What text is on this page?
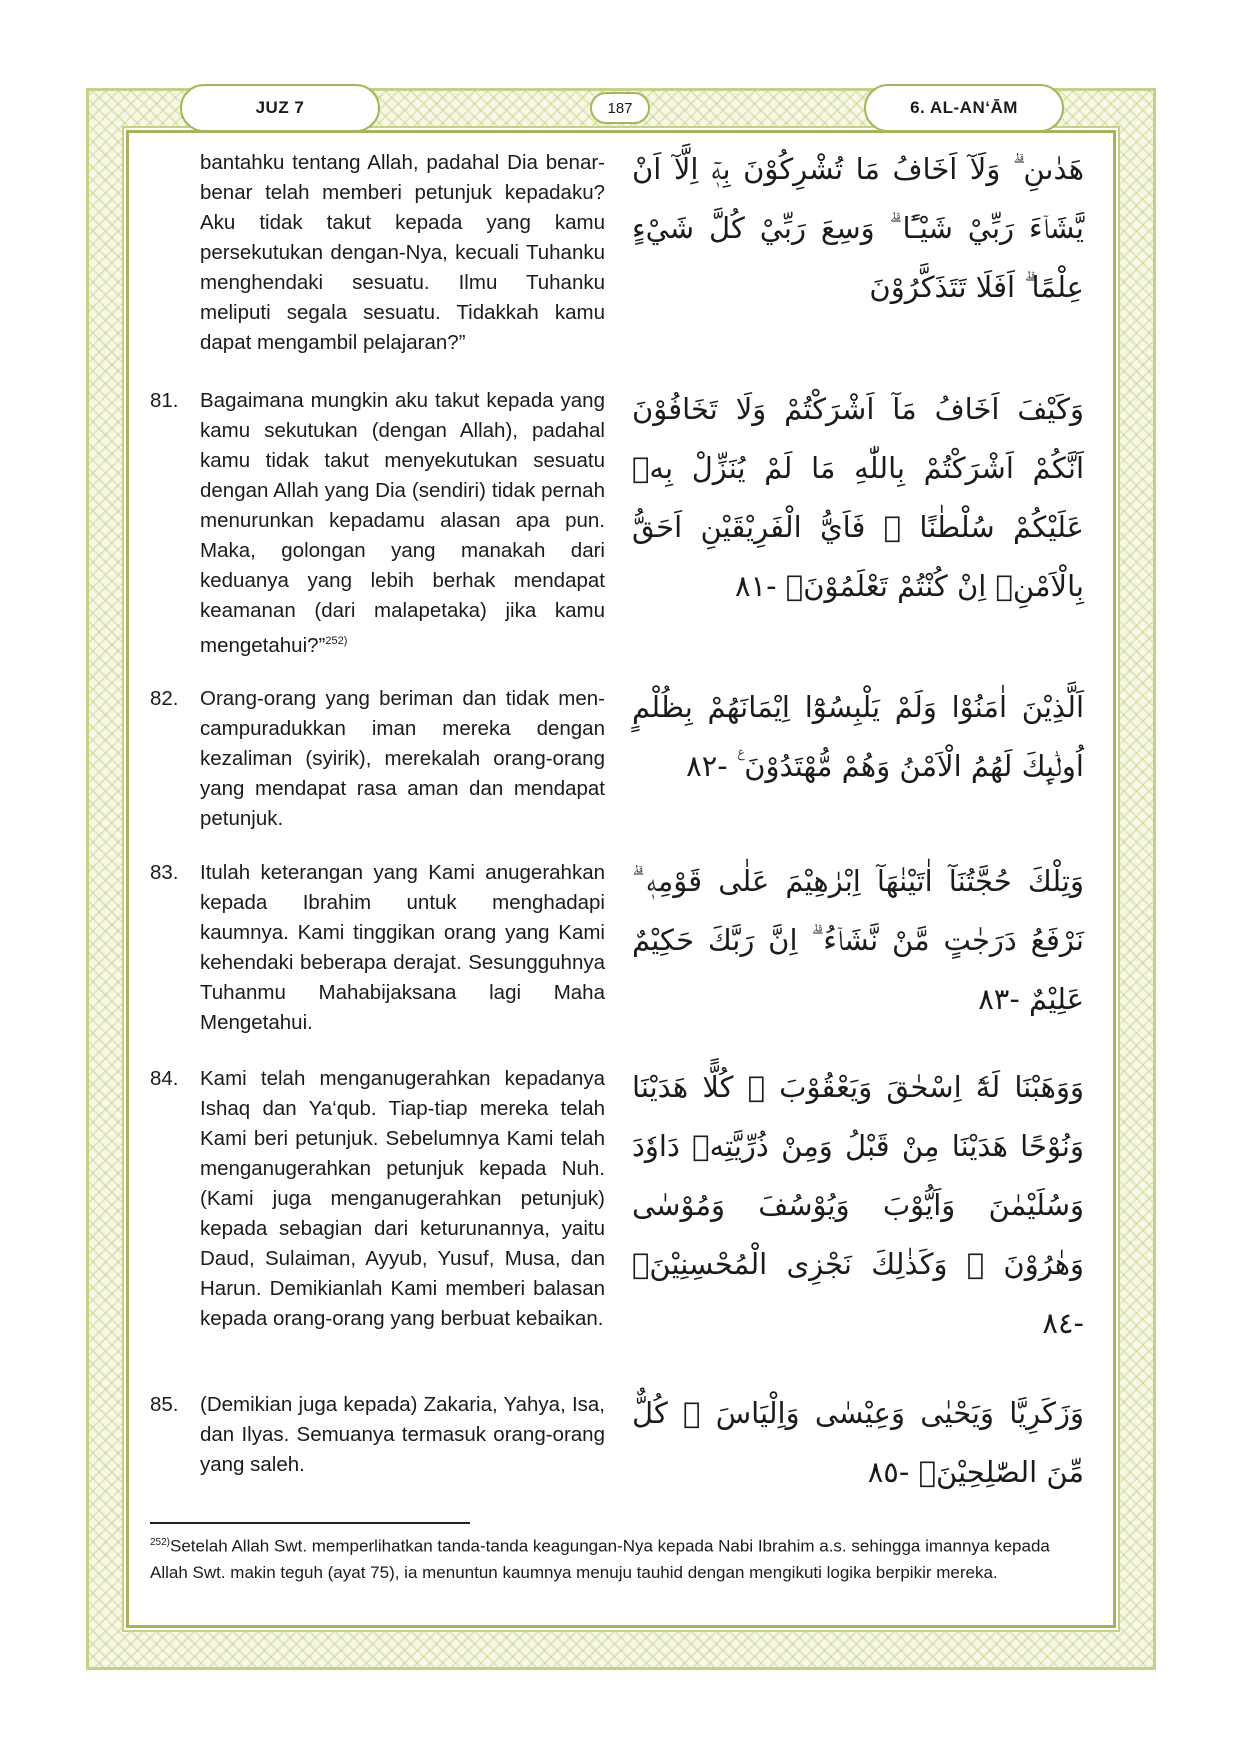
JUZ 7	187	6. AL-AN‘ĀM
bantahku tentang Allah, padahal Dia benar-benar telah memberi petunjuk kepadaku? Aku tidak takut kepada yang kamu persekutukan dengan-Nya, kecuali Tuhanku menghendaki sesuatu. Ilmu Tuhanku meliputi segala sesuatu. Tidakkah kamu dapat mengambil pelajaran?”
هَدٰىنِ ۗ وَلَآ اَخَافُ مَا تُشْرِكُوْنَ بِهٖٓ اِلَّآ اَنْ يَّشَاۤءَ رَبِّيْ شَيْـًٔا ۗ وَسِعَ رَبِّيْ كُلَّ شَيْءٍ عِلْمًا ۗ اَفَلَا تَتَذَكَّرُوْنَ
81.	Bagaimana mungkin aku takut kepada yang kamu sekutukan (dengan Allah), padahal kamu tidak takut menyekutukan sesuatu dengan Allah yang Dia (sendiri) tidak pernah menurunkan kepadamu alasan apa pun. Maka, golongan yang manakah dari keduanya yang lebih berhak mendapat keamanan (dari malapetaka) jika kamu mengetahui?”$^{252)}$
وَكَيْفَ اَخَافُ مَآ اَشْرَكْتُمْ وَلَا تَخَافُوْنَ اَنَّكُمْ اَشْرَكْتُمْ بِاللّٰهِ مَا لَمْ يُنَزِّلْ بِهٖ عَلَيْكُمْ سُلْطٰنًا ۗ فَاَيُّ الْفَرِيْقَيْنِ اَحَقُّ بِالْاَمْنِۚ اِنْ كُنْتُمْ تَعْلَمُوْنَۘ -٨١
82.	Orang-orang yang beriman dan tidak mencampuradukkan iman mereka dengan kezaliman (syirik), merekalah orang-orang yang mendapat rasa aman dan mendapat petunjuk.
اَلَّذِيْنَ اٰمَنُوْا وَلَمْ يَلْبِسُوْٓا اِيْمَانَهُمْ بِظُلْمٍ اُولٰۤىِٕكَ لَهُمُ الْاَمْنُ وَهُمْ مُّهْتَدُوْنَ ࣖ -٨٢
83.	Itulah keterangan yang Kami anugerahkan kepada Ibrahim untuk menghadapi kaumnya. Kami tinggikan orang yang Kami kehendaki beberapa derajat. Sesungguhnya Tuhanmu Mahabijaksana lagi Maha Mengetahui.
وَتِلْكَ حُجَّتُنَآ اٰتَيْنٰهَآ اِبْرٰهِيْمَ عَلٰى قَوْمِهٖ ۗ نَرْفَعُ دَرَجٰتٍ مَّنْ نَّشَاۤءُ ۗ اِنَّ رَبَّكَ حَكِيْمٌ عَلِيْمٌ -٨٣
84.	Kami telah menganugerahkan kepadanya Ishaq dan Ya‘qub. Tiap-tiap mereka telah Kami beri petunjuk. Sebelumnya Kami telah menganugerahkan petunjuk kepada Nuh. (Kami juga menganugerahkan petunjuk) kepada sebagian dari keturunannya, yaitu Daud, Sulaiman, Ayyub, Yusuf, Musa, dan Harun. Demikianlah Kami memberi balasan kepada orang-orang yang berbuat kebaikan.
وَوَهَبْنَا لَهٗٓ اِسْحٰقَ وَيَعْقُوْبَ ۗ كُلًّا هَدَيْنَا وَنُوْحًا هَدَيْنَا مِنْ قَبْلُ وَمِنْ ذُرِّيَّتِهٖ دَاوٗدَ وَسُلَيْمٰنَ وَاَيُّوْبَ وَيُوْسُفَ وَمُوْسٰى وَهٰرُوْنَ ۗ وَكَذٰلِكَ نَجْزِى الْمُحْسِنِيْنَۙ -٨٤
85.	(Demikian juga kepada) Zakaria, Yahya, Isa, dan Ilyas. Semuanya termasuk orang-orang yang saleh.
وَزَكَرِيَّا وَيَحْيٰى وَعِيْسٰى وَاِلْيَاسَ ۗ كُلٌّ مِّنَ الصّٰلِحِيْنَۙ -٨٥
$^{252)}$Setelah Allah Swt. memperlihatkan tanda-tanda keagungan-Nya kepada Nabi Ibrahim a.s. sehingga imannya kepada Allah Swt. makin teguh (ayat 75), ia menuntun kaumnya menuju tauhid dengan mengikuti logika berpikir mereka.
